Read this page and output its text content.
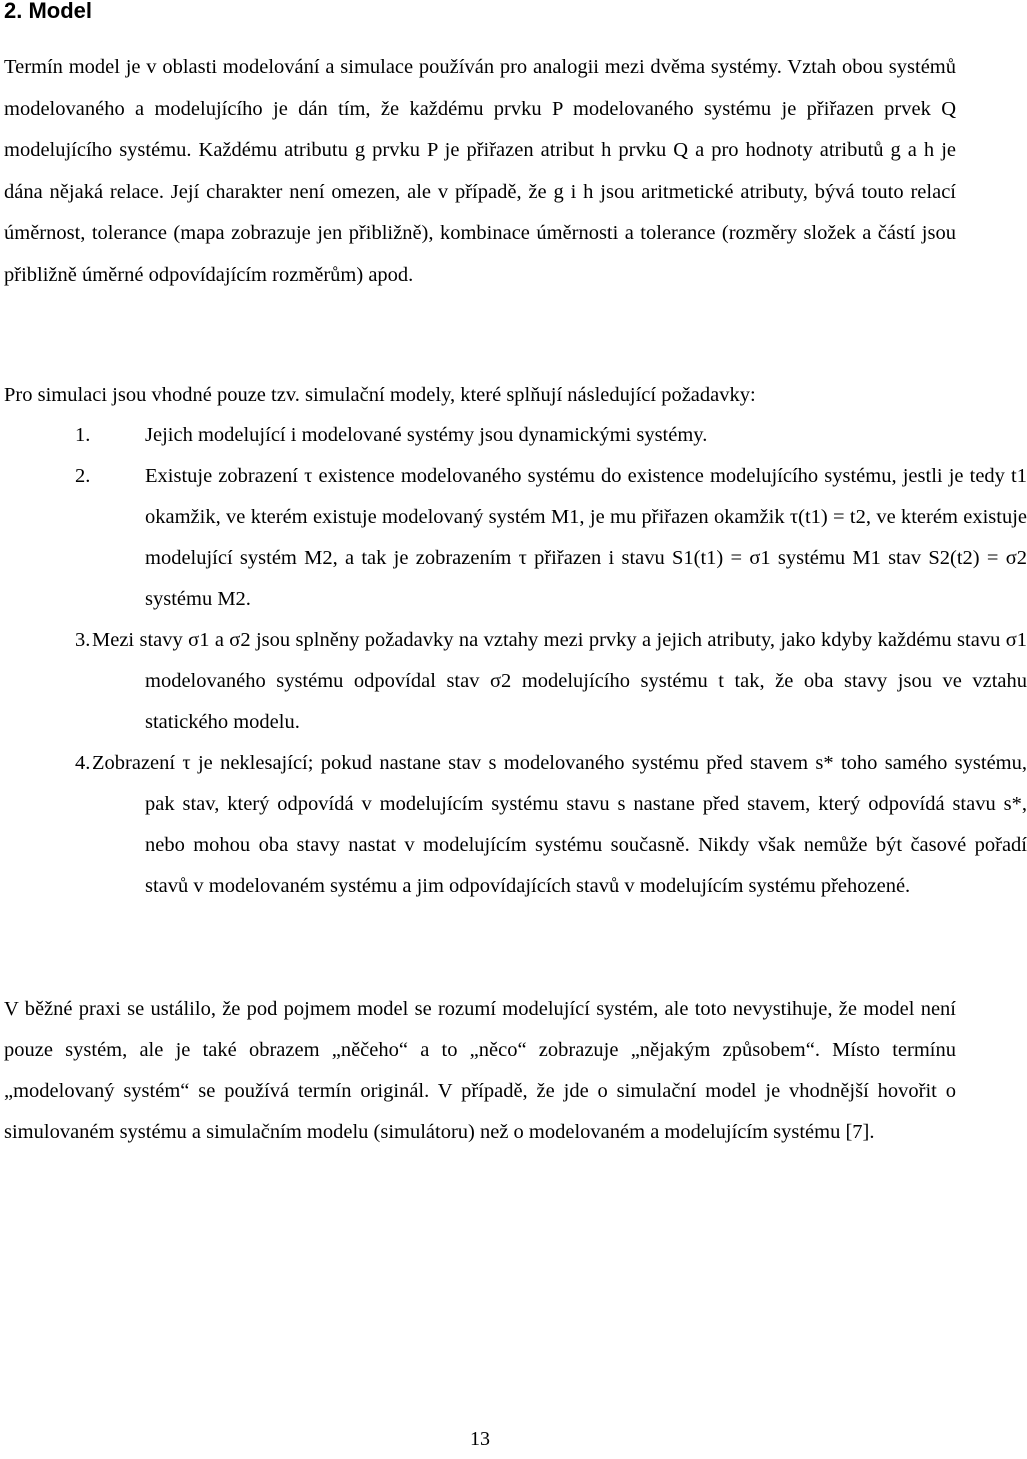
2. Model

Termín model je v oblasti modelování a simulace používán pro analogii mezi dvěma systémy. Vztah obou systémů modelovaného a modelujícího je dán tím, že každému prvku P modelovaného systému je přiřazen prvek Q modelujícího systému. Každému atributu g prvku P je přiřazen atribut h prvku Q a pro hodnoty atributů g a h je dána nějaká relace. Její charakter není omezen, ale v případě, že g i h jsou aritmetické atributy, bývá touto relací úměrnost, tolerance (mapa zobrazuje jen přibližně), kombinace úměrnosti a tolerance (rozměry složek a částí jsou přibližně úměrné odpovídajícím rozměrům) apod.

Pro simulaci jsou vhodné pouze tzv. simulační modely, které splňují následující požadavky:

1.	Jejich modelující i modelované systémy jsou dynamickými systémy.

2.	Existuje zobrazení τ existence modelovaného systému do existence modelujícího systému, jestli je tedy t1 okamžik, ve kterém existuje modelovaný systém M1, je mu přiřazen okamžik τ(t1) = t2, ve kterém existuje modelující systém M2, a tak je zobrazením τ přiřazen i stavu S1(t1) = σ1 systému M1 stav S2(t2) = σ2 systému M2.

3.Mezi stavy σ1 a σ2 jsou splněny požadavky na vztahy mezi prvky a jejich atributy, jako kdyby každému stavu σ1 modelovaného systému odpovídal stav σ2 modelujícího systému t tak, že oba stavy jsou ve vztahu statického modelu.

4.Zobrazení τ je neklesající; pokud nastane stav s modelovaného systému před stavem s* toho samého systému, pak stav, který odpovídá v modelujícím systému stavu s nastane před stavem, který odpovídá stavu s*, nebo mohou oba stavy nastat v modelujícím systému současně. Nikdy však nemůže být časové pořadí stavů v modelovaném systému a jim odpovídajících stavů v modelujícím systému přehozené.

V běžné praxi se ustálilo, že pod pojmem model se rozumí modelující systém, ale toto nevystihuje, že model není pouze systém, ale je také obrazem „něčeho“ a to „něco“ zobrazuje „nějakým způsobem“. Místo termínu „modelovaný systém“ se používá termín originál. V případě, že jde o simulační model je vhodnější hovořit o simulovaném systému a simulačním modelu (simulátoru) než o modelovaném a modelujícím systému [7].

13
